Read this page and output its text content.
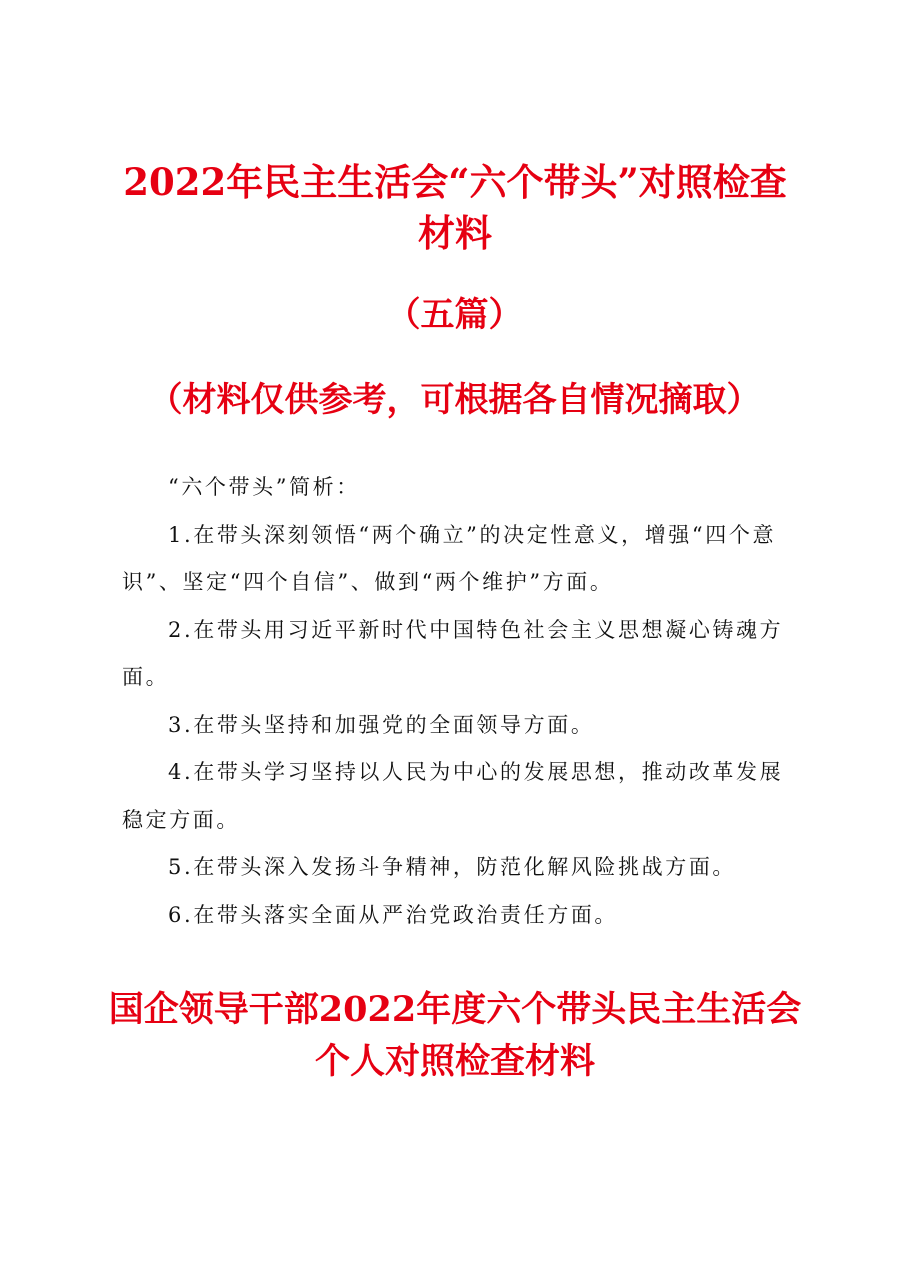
2022年民主生活会“六个带头”对照检查材料
（五篇）
（材料仅供参考，可根据各自情况摘取）

“六个带头”简析：

1.在带头深刻领悟“两个确立”的决定性意义，增强“四个意识”、坚定“四个自信”、做到“两个维护”方面。

2.在带头用习近平新时代中国特色社会主义思想凝心铸魂方面。

3.在带头坚持和加强党的全面领导方面。

4.在带头学习坚持以人民为中心的发展思想，推动改革发展稳定方面。

5.在带头深入发扬斗争精神，防范化解风险挑战方面。

6.在带头落实全面从严治党政治责任方面。

国企领导干部2022年度六个带头民主生活会个人对照检查材料
